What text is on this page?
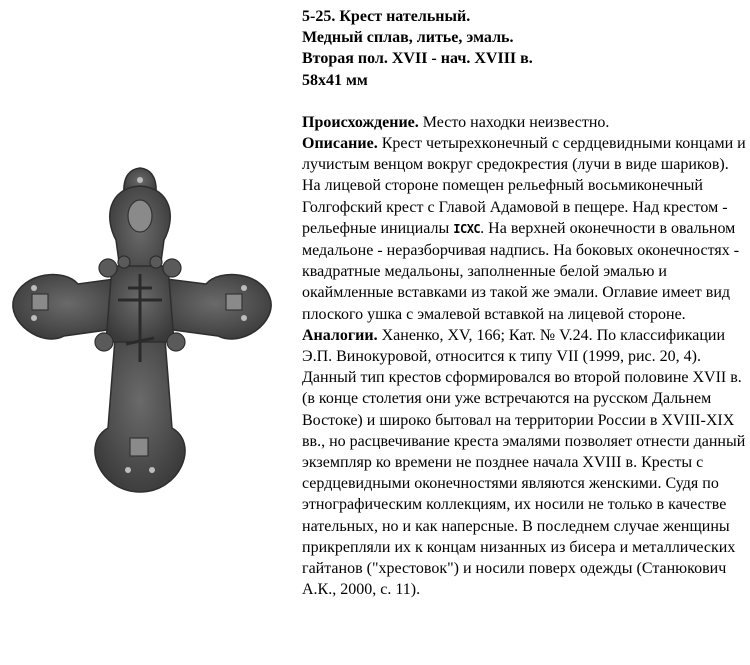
5-25. Крест нательный.

Медный сплав, литье, эмаль.

Вторая пол. XVII - нач. XVIII в.

58x41 мм

Происхождение. Место находки неизвестно.

Описание. Крест четырехконечный с сердцевидными концами и лучистым венцом вокруг средокрестия (лучи в виде шариков). На лицевой стороне помещен рельефный восьмиконечный Голгофский крест с Главой Адамовой в пещере. Над крестом - рельефные инициалы ICXC. На верхней оконечности в овальном медальоне - неразборчивая надпись. На боковых оконечностях - квадратные медальоны, заполненные белой эмалью и окаймленные вставками из такой же эмали. Оглавие имеет вид плоского ушка с эмалевой вставкой на лицевой стороне.

Аналогии. Ханенко, XV, 166; Кат. № V.24. По классификации Э.П. Винокуровой, относится к типу VII (1999, рис. 20, 4). Данный тип крестов сформировался во второй половине XVII в. (в конце столетия они уже встречаются на русском Дальнем Востоке) и широко бытовал на территории России в XVIII-XIX вв., но расцвечивание креста эмалями позволяет отнести данный экземпляр ко времени не позднее начала XVIII в. Кресты с сердцевидными оконечностями являются женскими. Судя по этнографическим коллекциям, их носили не только в качестве нательных, но и как наперсные. В последнем случае женщины прикрепляли их к концам низанных из бисера и металлических гайтанов ("хрестовок") и носили поверх одежды (Станюкович А.К., 2000, с. 11).
